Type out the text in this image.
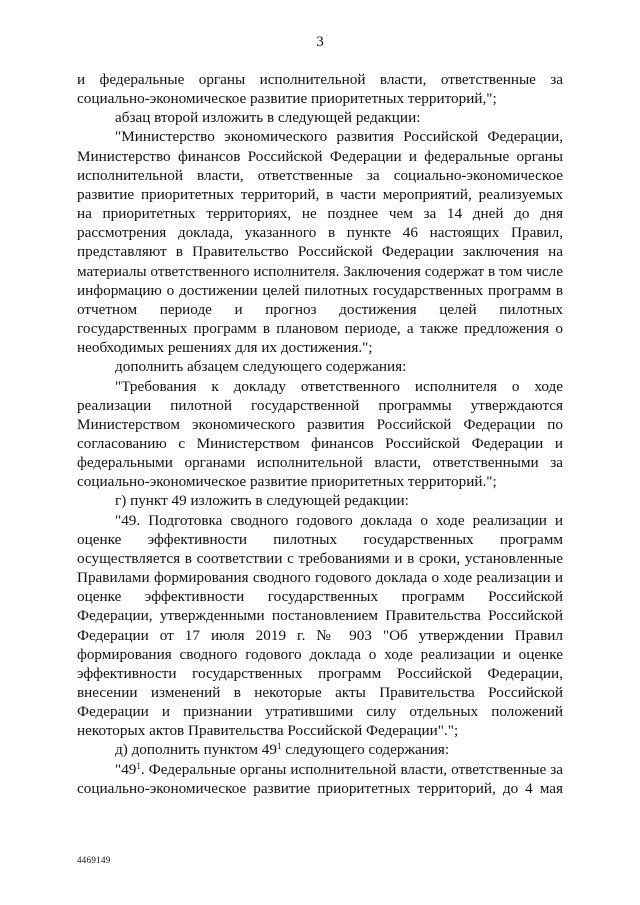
3

и федеральные органы исполнительной власти, ответственные за социально-экономическое развитие приоритетных территорий,";

абзац второй изложить в следующей редакции:

"Министерство экономического развития Российской Федерации, Министерство финансов Российской Федерации и федеральные органы исполнительной власти, ответственные за социально-экономическое развитие приоритетных территорий, в части мероприятий, реализуемых на приоритетных территориях, не позднее чем за 14 дней до дня рассмотрения доклада, указанного в пункте 46 настоящих Правил, представляют в Правительство Российской Федерации заключения на материалы ответственного исполнителя. Заключения содержат в том числе информацию о достижении целей пилотных государственных программ в отчетном периоде и прогноз достижения целей пилотных государственных программ в плановом периоде, а также предложения о необходимых решениях для их достижения.";

дополнить абзацем следующего содержания:

"Требования к докладу ответственного исполнителя о ходе реализации пилотной государственной программы утверждаются Министерством экономического развития Российской Федерации по согласованию с Министерством финансов Российской Федерации и федеральными органами исполнительной власти, ответственными за социально-экономическое развитие приоритетных территорий.";

г) пункт 49 изложить в следующей редакции:

"49. Подготовка сводного годового доклада о ходе реализации и оценке эффективности пилотных государственных программ осуществляется в соответствии с требованиями и в сроки, установленные Правилами формирования сводного годового доклада о ходе реализации и оценке эффективности государственных программ Российской Федерации, утвержденными постановлением Правительства Российской Федерации от 17 июля 2019 г. № 903 "Об утверждении Правил формирования сводного годового доклада о ходе реализации и оценке эффективности государственных программ Российской Федерации, внесении изменений в некоторые акты Правительства Российской Федерации и признании утратившими силу отдельных положений некоторых актов Правительства Российской Федерации".";

д) дополнить пунктом $49^1$ следующего содержания:

"$49^1$. Федеральные органы исполнительной власти, ответственные за социально-экономическое развитие приоритетных территорий, до 4 мая

4469149
